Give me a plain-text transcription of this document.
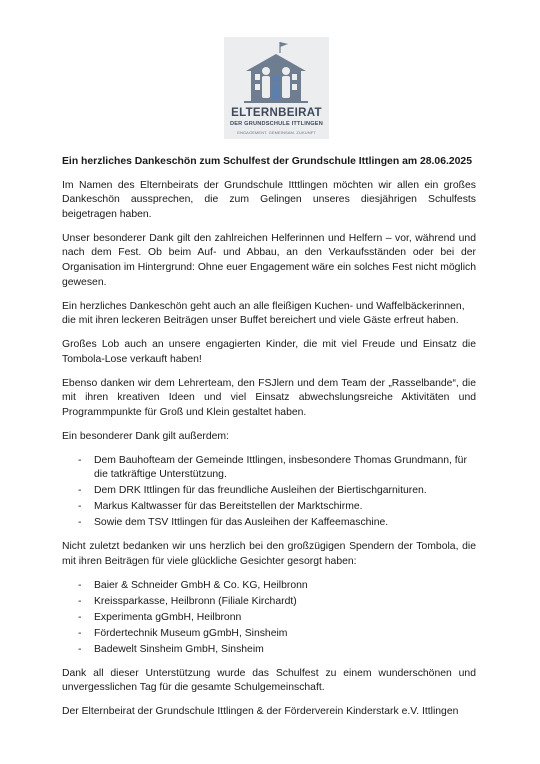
ELTERNBEIRAT
DER GRUNDSCHULE ITTLINGEN
ENGAGEMENT. GEMEINSAM. ZUKUNFT
Ein herzliches Dankeschön zum Schulfest der Grundschule Ittlingen am 28.06.2025

Im Namen des Elternbeirats der Grundschule Itttlingen möchten wir allen ein großes Dankeschön aussprechen, die zum Gelingen unseres diesjährigen Schulfests beigetragen haben.

Unser besonderer Dank gilt den zahlreichen Helferinnen und Helfern – vor, während und nach dem Fest. Ob beim Auf- und Abbau, an den Verkaufsständen oder bei der Organisation im Hintergrund: Ohne euer Engagement wäre ein solches Fest nicht möglich gewesen.

Ein herzliches Dankeschön geht auch an alle fleißigen Kuchen- und Waffelbäckerinnen, die mit ihren leckeren Beiträgen unser Buffet bereichert und viele Gäste erfreut haben.

Großes Lob auch an unsere engagierten Kinder, die mit viel Freude und Einsatz die Tombola-Lose verkauft haben!

Ebenso danken wir dem Lehrerteam, den FSJlern und dem Team der „Rasselbande“, die mit ihren kreativen Ideen und viel Einsatz abwechslungsreiche Aktivitäten und Programmpunkte für Groß und Klein gestaltet haben.

Ein besonderer Dank gilt außerdem:

- Dem Bauhofteam der Gemeinde Ittlingen, insbesondere Thomas Grundmann, für die tatkräftige Unterstützung.
- Dem DRK Ittlingen für das freundliche Ausleihen der Biertischgarnituren.
- Markus Kaltwasser für das Bereitstellen der Marktschirme.
- Sowie dem TSV Ittlingen für das Ausleihen der Kaffeemaschine.

Nicht zuletzt bedanken wir uns herzlich bei den großzügigen Spendern der Tombola, die mit ihren Beiträgen für viele glückliche Gesichter gesorgt haben:

- Baier & Schneider GmbH & Co. KG, Heilbronn
- Kreissparkasse, Heilbronn (Filiale Kirchardt)
- Experimenta gGmbH, Heilbronn
- Fördertechnik Museum gGmbH, Sinsheim
- Badewelt Sinsheim GmbH, Sinsheim

Dank all dieser Unterstützung wurde das Schulfest zu einem wunderschönen und unvergesslichen Tag für die gesamte Schulgemeinschaft.

Der Elternbeirat der Grundschule Ittlingen & der Förderverein Kinderstark e.V. Ittlingen
